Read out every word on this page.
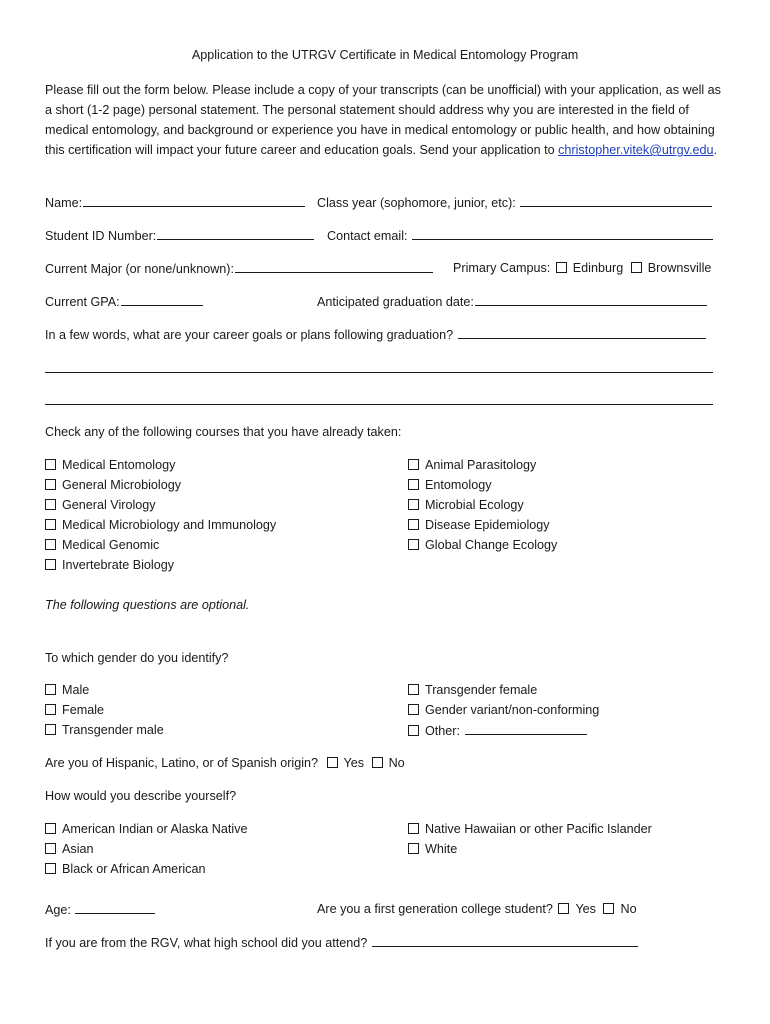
Application to the UTRGV Certificate in Medical Entomology Program

Please fill out the form below. Please include a copy of your transcripts (can be unofficial) with your application, as well as a short (1-2 page) personal statement. The personal statement should address why you are interested in the field of medical entomology, and background or experience you have in medical entomology or public health, and how obtaining this certification will impact your future career and education goals. Send your application to christopher.vitek@utrgv.edu.

Name:	Class year (sophomore, junior, etc):
Student ID Number:	Contact email:
Current Major (or none/unknown):	Primary Campus: Edinburg Brownsville
Current GPA:	Anticipated graduation date:
In a few words, what are your career goals or plans following graduation?
Check any of the following courses that you have already taken:
Medical Entomology
General Microbiology
General Virology
Medical Microbiology and Immunology
Medical Genomic
Invertebrate Biology
Animal Parasitology
Entomology
Microbial Ecology
Disease Epidemiology
Global Change Ecology
The following questions are optional.
To which gender do you identify?
Male
Female
Transgender male
Transgender female
Gender variant/non-conforming
Other:
Are you of Hispanic, Latino, or of Spanish origin? Yes No
How would you describe yourself?
American Indian or Alaska Native
Asian
Black or African American
Native Hawaiian or other Pacific Islander
White
Age:	Are you a first generation college student? Yes No
If you are from the RGV, what high school did you attend?
